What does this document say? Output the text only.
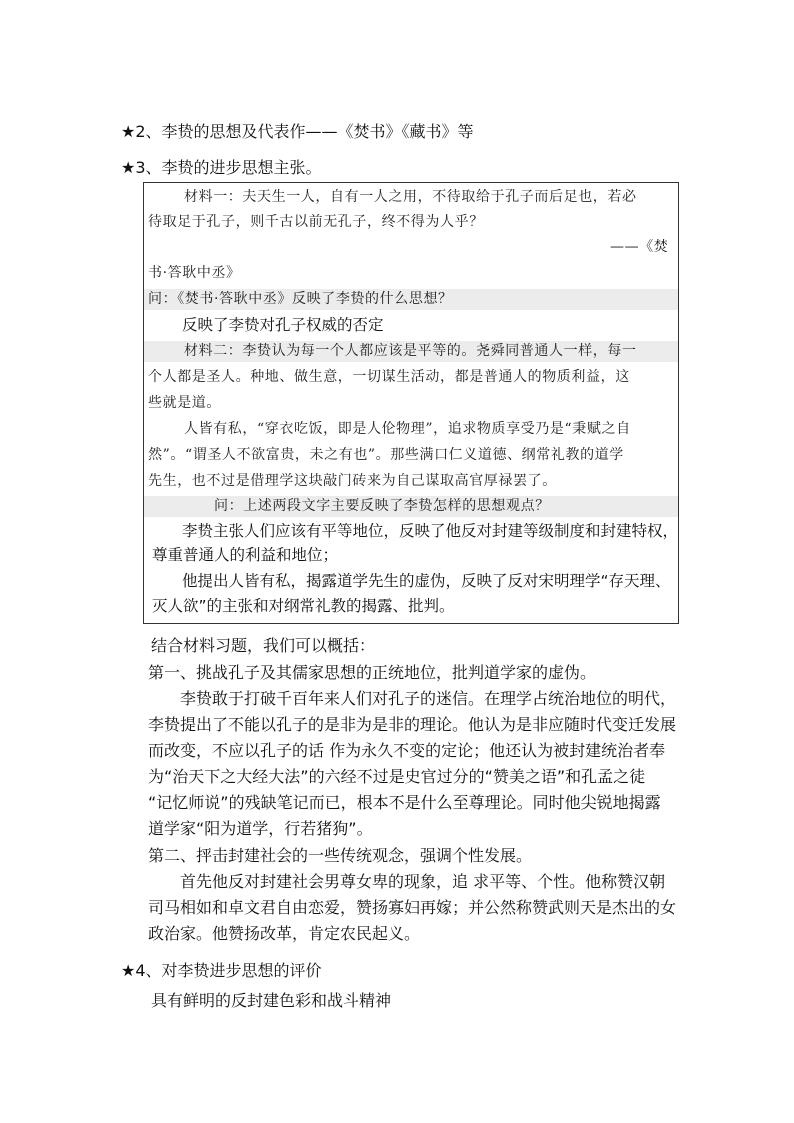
★2、李贽的思想及代表作——《焚书》《藏书》等
★3、李贽的进步思想主张。
材料一：夫天生一人，自有一人之用，不待取给于孔子而后足也，若必
待取足于孔子，则千古以前无孔子，终不得为人乎？
——《焚
书·答耿中丞》
问：《焚书·答耿中丞》反映了李贽的什么思想？
反映了李贽对孔子权威的否定
材料二：李贽认为每一个人都应该是平等的。尧舜同普通人一样，每一
个人都是圣人。种地、做生意，一切谋生活动，都是普通人的物质利益，这
些就是道。
人皆有私，“穿衣吃饭，即是人伦物理”，追求物质享受乃是“秉赋之自
然”。“谓圣人不欲富贵，未之有也”。那些满口仁义道德、纲常礼教的道学
先生，也不过是借理学这块敲门砖来为自己谋取高官厚禄罢了。
问：上述两段文字主要反映了李贽怎样的思想观点？
李贽主张人们应该有平等地位，反映了他反对封建等级制度和封建特权，
尊重普通人的利益和地位；
他提出人皆有私，揭露道学先生的虚伪，反映了反对宋明理学“存天理、
灭人欲”的主张和对纲常礼教的揭露、批判。
结合材料习题，我们可以概括：
第一、挑战孔子及其儒家思想的正统地位，批判道学家的虚伪。
李贽敢于打破千百年来人们对孔子的迷信。在理学占统治地位的明代，
李贽提出了不能以孔子的是非为是非的理论。他认为是非应随时代变迁发展
而改变，不应以孔子的话 作为永久不变的定论；他还认为被封建统治者奉
为“治天下之大经大法”的六经不过是史官过分的“赞美之语”和孔孟之徒
“记忆师说”的残缺笔记而已，根本不是什么至尊理论。同时他尖锐地揭露
道学家“阳为道学，行若猪狗”。
第二、抨击封建社会的一些传统观念，强调个性发展。
首先他反对封建社会男尊女卑的现象，追 求平等、个性。他称赞汉朝
司马相如和卓文君自由恋爱，赞扬寡妇再嫁；并公然称赞武则天是杰出的女
政治家。他赞扬改革，肯定农民起义。
★4、对李贽进步思想的评价
具有鲜明的反封建色彩和战斗精神
